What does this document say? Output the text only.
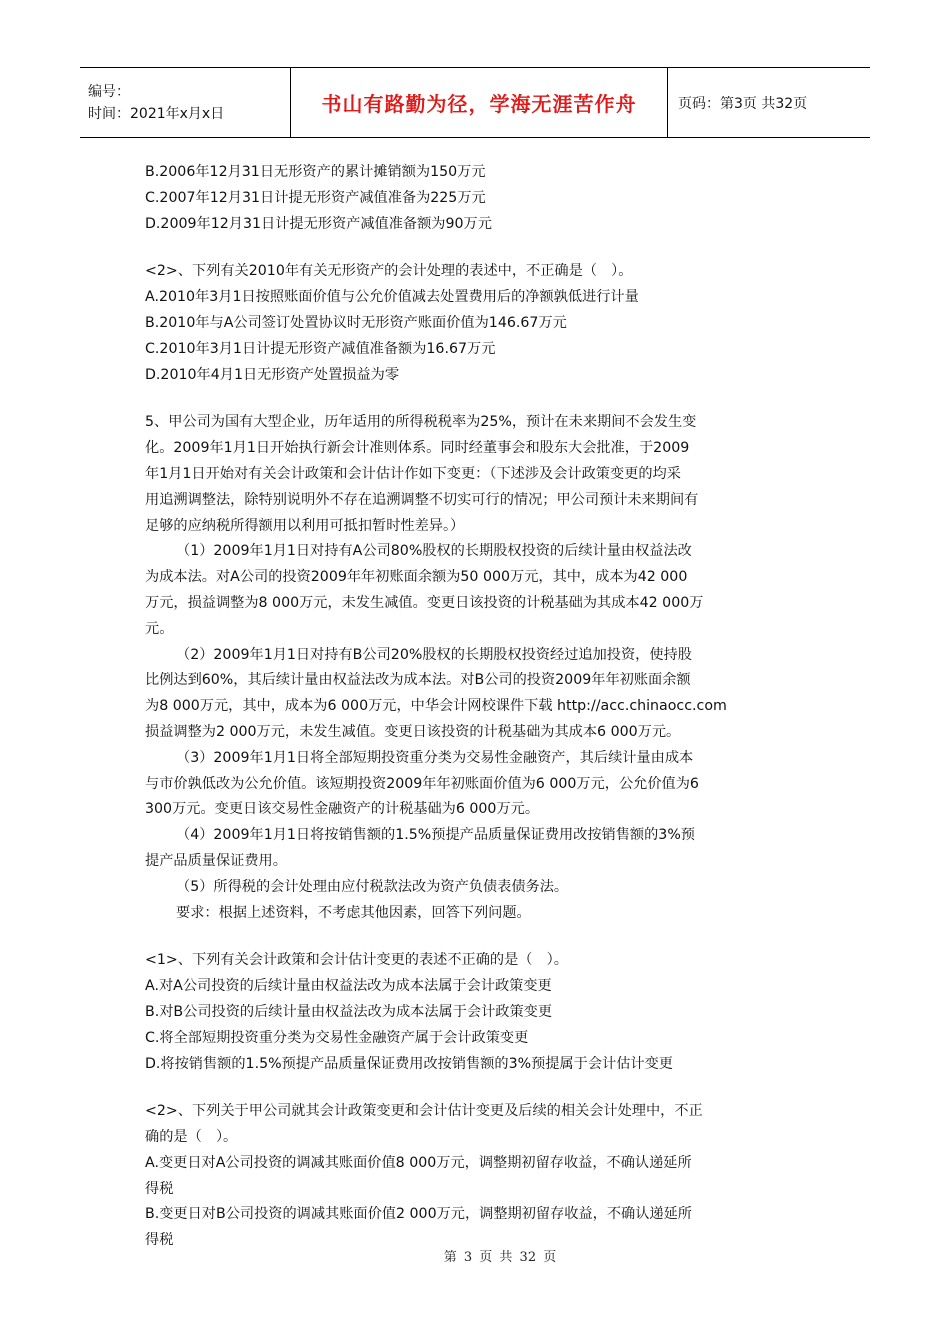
编号：
时间：2021年x月x日	书山有路勤为径，学海无涯苦作舟	页码：第3页 共32页
B.2006年12月31日无形资产的累计摊销额为150万元
C.2007年12月31日计提无形资产减值准备为225万元
D.2009年12月31日计提无形资产减值准备额为90万元
<2>、下列有关2010年有关无形资产的会计处理的表述中，不正确是（　）。
A.2010年3月1日按照账面价值与公允价值减去处置费用后的净额孰低进行计量
B.2010年与A公司签订处置协议时无形资产账面价值为146.67万元
C.2010年3月1日计提无形资产减值准备额为16.67万元
D.2010年4月1日无形资产处置损益为零
5、甲公司为国有大型企业，历年适用的所得税税率为25%，预计在未来期间不会发生变
化。2009年1月1日开始执行新会计准则体系。同时经董事会和股东大会批准，于2009
年1月1日开始对有关会计政策和会计估计作如下变更：（下述涉及会计政策变更的均采
用追溯调整法，除特别说明外不存在追溯调整不切实可行的情况；甲公司预计未来期间有
足够的应纳税所得额用以利用可抵扣暂时性差异。）
（1）2009年1月1日对持有A公司80%股权的长期股权投资的后续计量由权益法改
为成本法。对A公司的投资2009年年初账面余额为50 000万元，其中，成本为42 000
万元，损益调整为8 000万元，未发生减值。变更日该投资的计税基础为其成本42 000万
元。
（2）2009年1月1日对持有B公司20%股权的长期股权投资经过追加投资，使持股
比例达到60%，其后续计量由权益法改为成本法。对B公司的投资2009年年初账面余额
为8 000万元，其中，成本为6 000万元，中华会计网校课件下载 http://acc.chinaocc.com
损益调整为2 000万元，未发生减值。变更日该投资的计税基础为其成本6 000万元。
（3）2009年1月1日将全部短期投资重分类为交易性金融资产，其后续计量由成本
与市价孰低改为公允价值。该短期投资2009年年初账面价值为6 000万元，公允价值为6
300万元。变更日该交易性金融资产的计税基础为6 000万元。
（4）2009年1月1日将按销售额的1.5%预提产品质量保证费用改按销售额的3%预
提产品质量保证费用。
（5）所得税的会计处理由应付税款法改为资产负债表债务法。
要求：根据上述资料，不考虑其他因素，回答下列问题。
<1>、下列有关会计政策和会计估计变更的表述不正确的是（　）。
A.对A公司投资的后续计量由权益法改为成本法属于会计政策变更
B.对B公司投资的后续计量由权益法改为成本法属于会计政策变更
C.将全部短期投资重分类为交易性金融资产属于会计政策变更
D.将按销售额的1.5%预提产品质量保证费用改按销售额的3%预提属于会计估计变更
<2>、下列关于甲公司就其会计政策变更和会计估计变更及后续的相关会计处理中，不正
确的是（　）。
A.变更日对A公司投资的调减其账面价值8 000万元，调整期初留存收益，不确认递延所
得税
B.变更日对B公司投资的调减其账面价值2 000万元，调整期初留存收益，不确认递延所
得税
第 3 页 共 32 页
